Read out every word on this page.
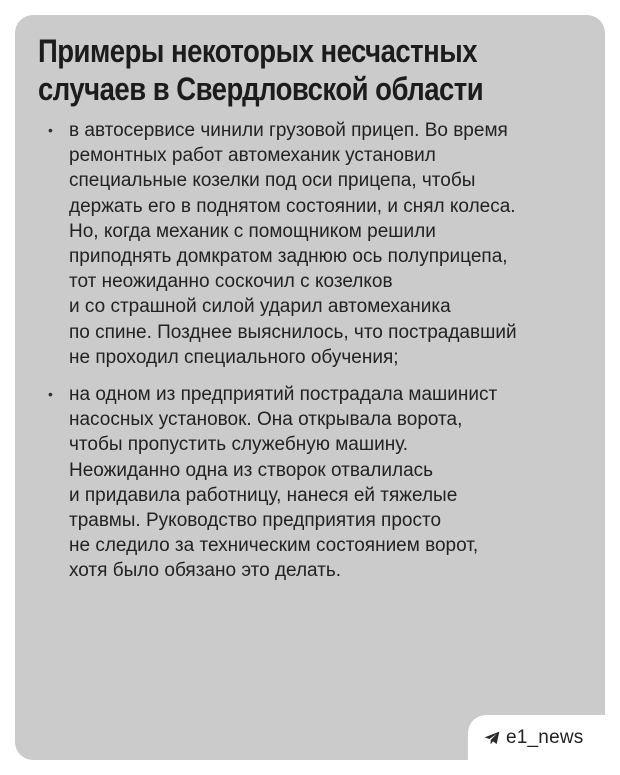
Примеры некоторых несчастных
случаев в Свердловской области
• в автосервисе чинили грузовой прицеп. Во время
ремонтных работ автомеханик установил
специальные козелки под оси прицепа, чтобы
держать его в поднятом состоянии, и снял колеса.
Но, когда механик с помощником решили
приподнять домкратом заднюю ось полуприцепа,
тот неожиданно соскочил с козелков
и со страшной силой ударил автомеханика
по спине. Позднее выяснилось, что пострадавший
не проходил специального обучения;
• на одном из предприятий пострадала машинист
насосных установок. Она открывала ворота,
чтобы пропустить служебную машину.
Неожиданно одна из створок отвалилась
и придавила работницу, нанеся ей тяжелые
травмы. Руководство предприятия просто
не следило за техническим состоянием ворот,
хотя было обязано это делать.
e1_news
